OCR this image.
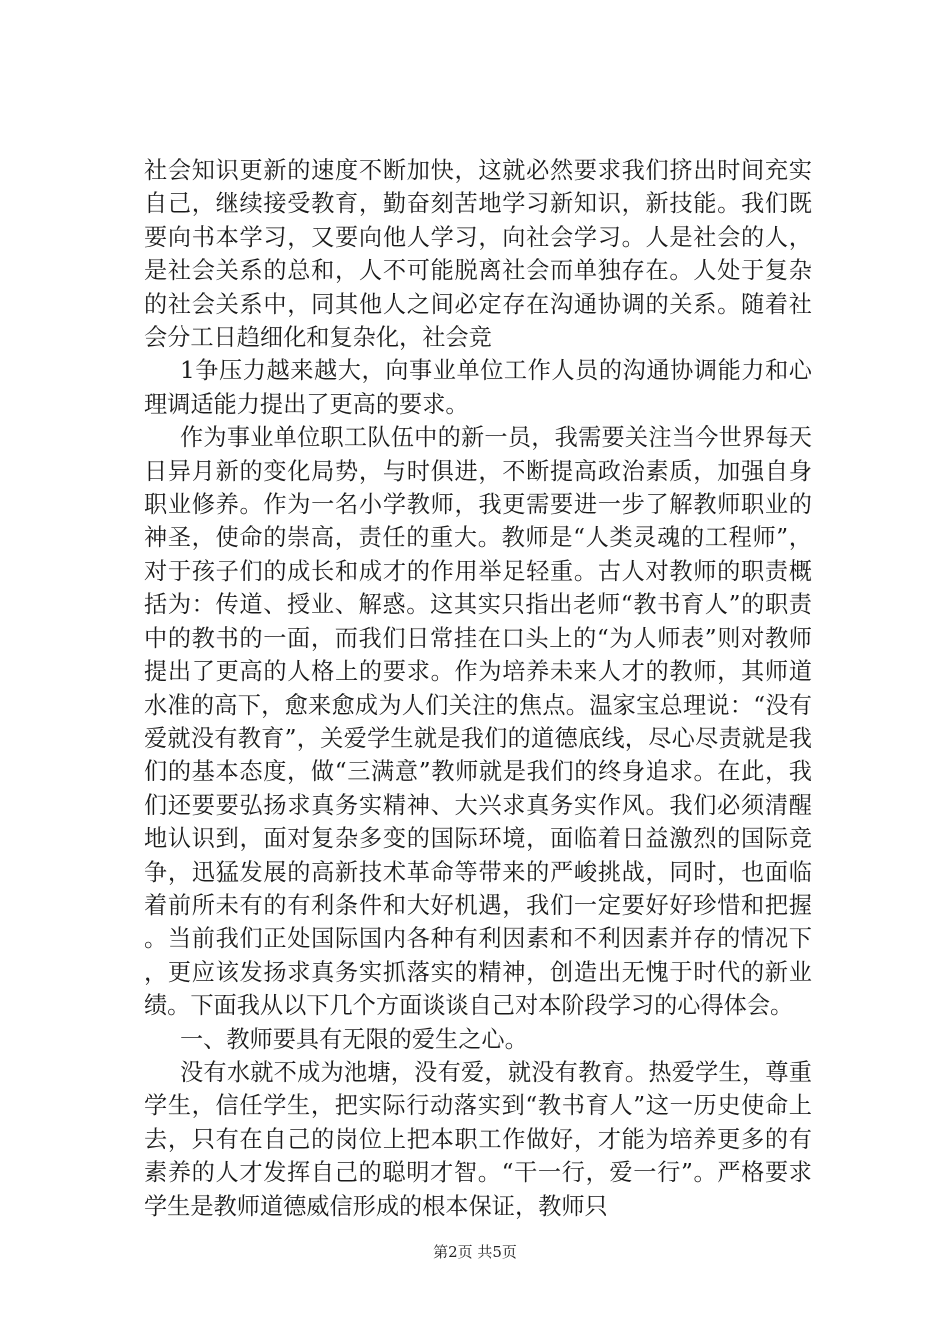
社会知识更新的速度不断加快，这就必然要求我们挤出时间充实自己，继续接受教育，勤奋刻苦地学习新知识，新技能。我们既要向书本学习，又要向他人学习，向社会学习。人是社会的人，是社会关系的总和，人不可能脱离社会而单独存在。人处于复杂的社会关系中，同其他人之间必定存在沟通协调的关系。随着社会分工日趋细化和复杂化，社会竞

1争压力越来越大，向事业单位工作人员的沟通协调能力和心理调适能力提出了更高的要求。

作为事业单位职工队伍中的新一员，我需要关注当今世界每天日异月新的变化局势，与时俱进，不断提高政治素质，加强自身职业修养。作为一名小学教师，我更需要进一步了解教师职业的神圣，使命的崇高，责任的重大。教师是“人类灵魂的工程师”，对于孩子们的成长和成才的作用举足轻重。古人对教师的职责概括为：传道、授业、解惑。这其实只指出老师“教书育人”的职责中的教书的一面，而我们日常挂在口头上的“为人师表”则对教师提出了更高的人格上的要求。作为培养未来人才的教师，其师道水准的高下，愈来愈成为人们关注的焦点。温家宝总理说：“没有爱就没有教育”，关爱学生就是我们的道德底线，尽心尽责就是我们的基本态度，做“三满意”教师就是我们的终身追求。在此，我们还要要弘扬求真务实精神、大兴求真务实作风。我们必须清醒地认识到，面对复杂多变的国际环境，面临着日益激烈的国际竞争，迅猛发展的高新技术革命等带来的严峻挑战，同时，也面临着前所未有的有利条件和大好机遇，我们一定要好好珍惜和把握。当前我们正处国际国内各种有利因素和不利因素并存的情况下，更应该发扬求真务实抓落实的精神，创造出无愧于时代的新业绩。下面我从以下几个方面谈谈自己对本阶段学习的心得体会。

一、教师要具有无限的爱生之心。

没有水就不成为池塘，没有爱，就没有教育。热爱学生，尊重学生，信任学生，把实际行动落实到“教书育人”这一历史使命上去，只有在自己的岗位上把本职工作做好，才能为培养更多的有素养的人才发挥自己的聪明才智。“干一行，爱一行”。严格要求学生是教师道德威信形成的根本保证，教师只

第2页 共5页
